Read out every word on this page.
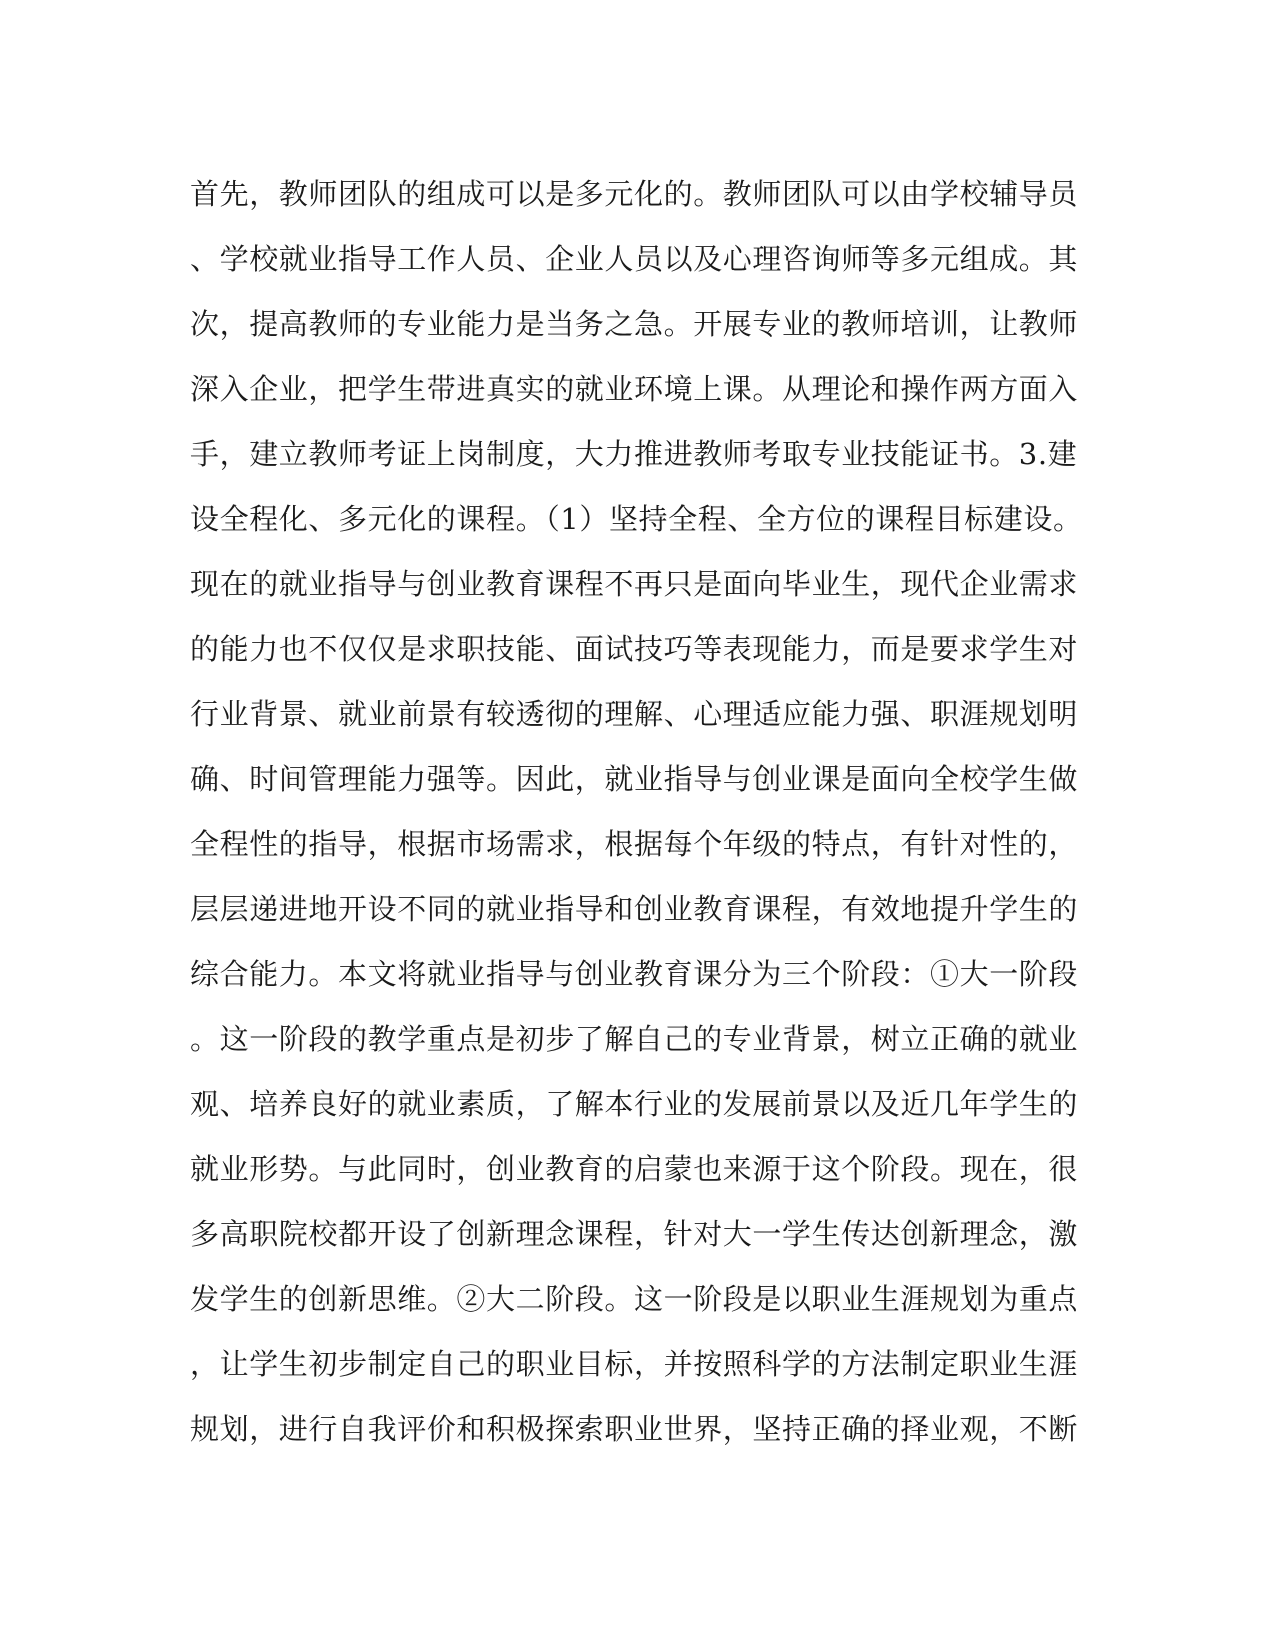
首先，教师团队的组成可以是多元化的。教师团队可以由学校辅导员
、学校就业指导工作人员、企业人员以及心理咨询师等多元组成。其
次，提高教师的专业能力是当务之急。开展专业的教师培训，让教师
深入企业，把学生带进真实的就业环境上课。从理论和操作两方面入
手，建立教师考证上岗制度，大力推进教师考取专业技能证书。3.建
设全程化、多元化的课程。（1）坚持全程、全方位的课程目标建设。
现在的就业指导与创业教育课程不再只是面向毕业生，现代企业需求
的能力也不仅仅是求职技能、面试技巧等表现能力，而是要求学生对
行业背景、就业前景有较透彻的理解、心理适应能力强、职涯规划明
确、时间管理能力强等。因此，就业指导与创业课是面向全校学生做
全程性的指导，根据市场需求，根据每个年级的特点，有针对性的，
层层递进地开设不同的就业指导和创业教育课程，有效地提升学生的
综合能力。本文将就业指导与创业教育课分为三个阶段：①大一阶段
。这一阶段的教学重点是初步了解自己的专业背景，树立正确的就业
观、培养良好的就业素质，了解本行业的发展前景以及近几年学生的
就业形势。与此同时，创业教育的启蒙也来源于这个阶段。现在，很
多高职院校都开设了创新理念课程，针对大一学生传达创新理念，激
发学生的创新思维。②大二阶段。这一阶段是以职业生涯规划为重点
，让学生初步制定自己的职业目标，并按照科学的方法制定职业生涯
规划，进行自我评价和积极探索职业世界，坚持正确的择业观，不断
